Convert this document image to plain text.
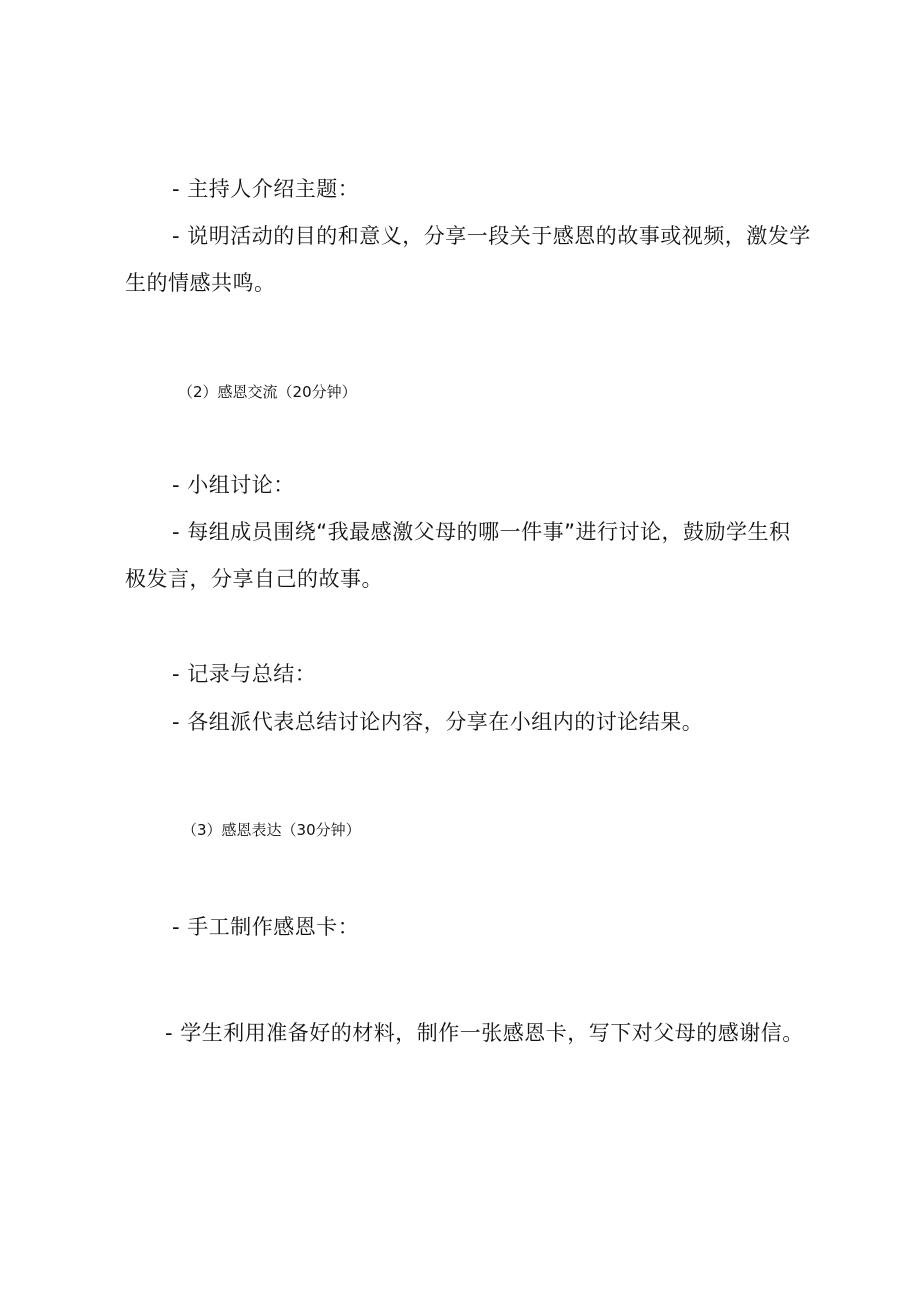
- 主持人介绍主题：
- 说明活动的目的和意义，分享一段关于感恩的故事或视频，激发学
生的情感共鸣。
（2）感恩交流（20分钟）
- 小组讨论：
- 每组成员围绕“我最感激父母的哪一件事”进行讨论，鼓励学生积
极发言，分享自己的故事。
- 记录与总结：
- 各组派代表总结讨论内容，分享在小组内的讨论结果。
（3）感恩表达（30分钟）
- 手工制作感恩卡：
- 学生利用准备好的材料，制作一张感恩卡，写下对父母的感谢信。
